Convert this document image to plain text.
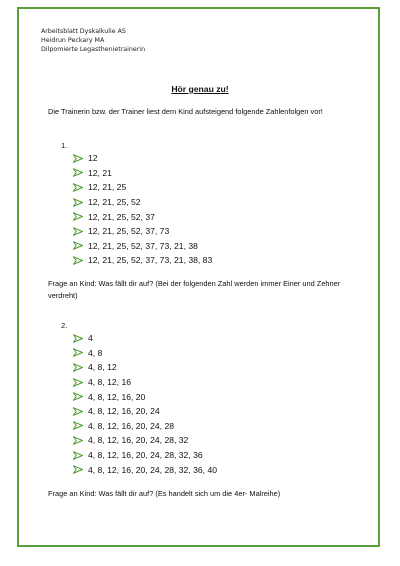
Arbeitsblatt Dyskalkulie AS
Heidrun Peckary MA
Dilpomierte Legasthenietrainerin
Hör genau zu!
Die Trainerin bzw. der Trainer liest dem Kind aufsteigend folgende Zahlenfolgen vor!
1.
12
12, 21
12, 21, 25
12, 21, 25, 52
12, 21, 25, 52, 37
12, 21, 25, 52, 37, 73
12, 21, 25, 52, 37, 73, 21, 38
12, 21, 25, 52, 37, 73, 21, 38, 83
Frage an Kind: Was fällt dir auf? (Bei der folgenden Zahl werden immer Einer und Zehner verdreht)
2.
4
4, 8
4, 8, 12
4, 8, 12, 16
4, 8, 12, 16, 20
4, 8, 12, 16, 20, 24
4, 8, 12, 16, 20, 24, 28
4, 8, 12, 16, 20, 24, 28, 32
4, 8, 12, 16, 20, 24, 28, 32, 36
4, 8, 12, 16, 20, 24, 28, 32, 36, 40
Frage an Kind: Was fällt dir auf? (Es handelt sich um die 4er- Malreihe)
